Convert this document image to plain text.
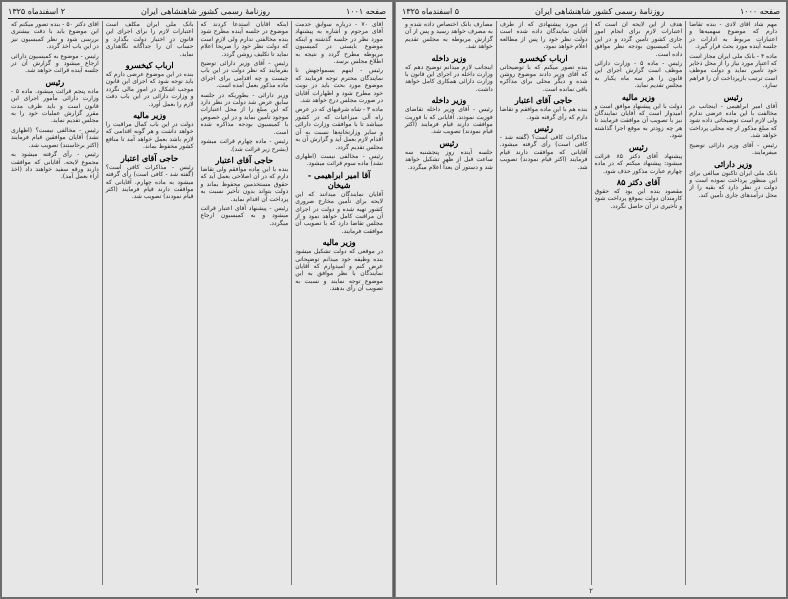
صفحه ۱۰۰۱
روزنامهٔ رسمی کشور شاهنشاهی ایران
۲ اسفندماه ۱۳۲۵

آقای ۷۰ - درباره سوابق خدمت آقای مرحوم و اشاره به پیشنهاد مورد نظر در جلسه گذشته و اینکه موضوع بایستی در کمیسیون مربوطه مطرح گردد و نتیجه به اطلاع مجلس برسد.

رئیس - اینهم بسمواجهش تا نمایندگان محترم توجه فرمایند که موضوع مورد بحث باید در نوبت خود مطرح شود و اظهارات آقایان در صورت مجلس درج خواهد شد.

ماده ۳ - شاه شرقیهای که در عرض راه آلی میراعیات که در کشور میباشد تا با موافقت وزارت دارائی و سایر وزارتخانه‌ها نسبت به آن اقدام لازم بعمل آید و گزارش آن به مجلس تقدیم گردد.

رئیس - مخالفی نیست (اظهاری نشد) ماده سوم قرائت میشود.

آقا امیر ابراهیمی - شیخان

آقایان نمایندگان میدانند که این لایحه برای تأمین مخارج ضروری کشور تهیه شده و دولت در اجرای آن مراقبت کامل خواهد نمود و از مجلس تقاضا دارد که با تصویب آن موافقت فرمایند.

وزیر مالیه

در موقعی که دولت تشکیل میشود بنده وظیفه خود میدانم توضیحاتی عرض کنم و امیدوارم که آقایان نمایندگان با نظر موافق به این موضوع توجه نمایند و نسبت به تصویب آن رأی بدهند.

اینکه آقایان استدعا کردند که موضوع در جلسه آینده مطرح شود بنده مخالفتی ندارم ولی لازم است که دولت نظر خود را صریحاً اعلام نماید تا تکلیف روشن گردد.

رئیس - آقای وزیر دارائی توضیح بفرمایند که نظر دولت در این باب چیست و چه اقدامی برای اجرای ماده مذکور بعمل آمده است.

وزیر دارائی - بطوریکه در جلسه سابق عرض شد دولت در نظر دارد که این مبلغ را از محل اعتبارات موجود تأمین نماید و در این خصوص با کمیسیون بودجه مذاکره شده است.

رئیس - ماده چهارم قرائت میشود (بشرح زیر قرائت شد).

حاجی آقای اعتبار

بنده با این ماده موافقم ولی تقاضا دارم که در آن اصلاحی بعمل آید که حقوق مستخدمین محفوظ بماند و دولت بتواند بدون تأخیر نسبت به پرداخت آن اقدام نماید.

رئیس - پیشنهاد آقای اعتبار قرائت میشود و به کمیسیون ارجاع میگردد.

بانک ملی ایران مکلف است اعتبارات لازم را برای اجرای این قانون در اختیار دولت بگذارد و حساب آن را جداگانه نگاهداری نماید.

ارباب کیخسرو

بنده در این موضوع عرضی دارم که باید توجه شود که اجرای این قانون موجب اشکال در امور مالی نگردد و وزارت دارائی در این باب دقت لازم را بعمل آورد.

وزیر مالیه

دولت در این باب کمال مراقبت را خواهد داشت و هر گونه اقدامی که لازم باشد بعمل خواهد آمد تا منافع کشور محفوظ بماند.

حاجی آقای اعتبار

رئیس - مذاکرات کافی است؟ (گفته شد - کافی است) رأی گرفته میشود به ماده چهارم. آقایانی که موافقت دارند قیام فرمایند (اکثر قیام نمودند) تصویب شد.

آقای دکتر ۵۰ - بنده تصور میکنم که این موضوع باید با دقت بیشتری بررسی شود و نظر کمیسیون نیز در این باب اخذ گردد.

رئیس - موضوع به کمیسیون دارائی ارجاع میشود و گزارش آن در جلسه آینده قرائت خواهد شد.

رئیس

ماده پنجم قرائت میشود. ماده ۵ - وزارت دارائی مأمور اجرای این قانون است و باید ظرف مدت مقرر گزارش عملیات خود را به مجلس تقدیم نماید.

رئیس - مخالفی نیست؟ (اظهاری نشد) آقایان موافقین قیام فرمایند (اکثر برخاستند) تصویب شد.

رئیس - رأی گرفته میشود به مجموع لایحه. آقایانی که موافقت دارند ورقه سفید خواهند داد (اخذ آراء بعمل آمد).

۳
صفحه ۱۰۰۰
روزنامهٔ رسمی کشور شاهنشاهی ایران
۵ اسفندماه ۱۳۲۵

مهم شاد آقای لادی - بنده تقاضا دارم که موضوع سهمیه‌ها و اعتبارات مربوط به ادارات در جلسه آینده مورد بحث قرار گیرد.

ماده ۴ - بانک ملی ایران مجاز است که اعتبار مورد نیاز را از محل ذخایر خود تأمین نماید و دولت موظف است ترتیب بازپرداخت آن را فراهم سازد.

رئیس

آقای امیر ابراهیمی - اینجانب در مخالفت با این ماده عرضی ندارم ولی لازم است توضیحاتی داده شود که مبلغ مذکور از چه محلی پرداخت خواهد شد.

رئیس - آقای وزیر دارائی توضیح میفرمایند.

وزیر دارائی

بانک ملی ایران تاکنون مبالغی برای این منظور پرداخت نموده است و دولت در نظر دارد که بقیه را از محل درآمدهای جاری تأمین کند.

هدف از این لایحه آن است که اعتبارات لازم برای انجام امور جاری کشور تأمین گردد و در این باب کمیسیون بودجه نظر موافق داده است.

رئیس - ماده ۵ - وزارت دارائی موظف است گزارش اجرای این قانون را هر سه ماه یکبار به مجلس تقدیم نماید.

وزیر مالیه

دولت با این پیشنهاد موافق است و امیدوار است که آقایان نمایندگان نیز با تصویب آن موافقت فرمایند تا هر چه زودتر به موقع اجرا گذاشته شود.

رئیس

پیشنهاد آقای دکتر ۸۵ قرائت میشود: پیشنهاد میکنم که در ماده چهارم عبارت مذکور حذف شود.

آقای دکتر ۸۵

مقصود بنده این بود که حقوق کارمندان دولت بموقع پرداخت شود و تأخیری در آن حاصل نگردد.

در مورد پیشنهادی که از طرف آقایان نمایندگان داده شده است دولت نظر خود را پس از مطالعه اعلام خواهد نمود.

ارباب کیخسرو

بنده تصور میکنم که با توضیحاتی که آقای وزیر دادند موضوع روشن شده و دیگر محلی برای مذاکره باقی نمانده است.

حاجی آقای اعتبار

بنده هم با این ماده موافقم و تقاضا دارم که رأی گرفته شود.

رئیس

مذاکرات کافی است؟ (گفته شد - کافی است) رأی گرفته میشود. آقایانی که موافقت دارند قیام فرمایند (اکثر قیام نمودند) تصویب شد.

مصارف بانک اختصاص داده شده و به مصرف خواهد رسید و پس از آن گزارش مربوطه به مجلس تقدیم خواهد شد.

وزیر داخله

اینجانب لازم میدانم توضیح دهم که وزارت داخله در اجرای این قانون با وزارت دارائی همکاری کامل خواهد داشت.

وزیر داخله

رئیس - آقای وزیر داخله تقاضای فوریت نمودند. آقایانی که با فوریت موافقت دارند قیام فرمایند (اکثر قیام نمودند) تصویب شد.

رئیس

جلسه آینده روز پنجشنبه سه ساعت قبل از ظهر تشکیل خواهد شد و دستور آن بعداً اعلام میگردد.

۲
